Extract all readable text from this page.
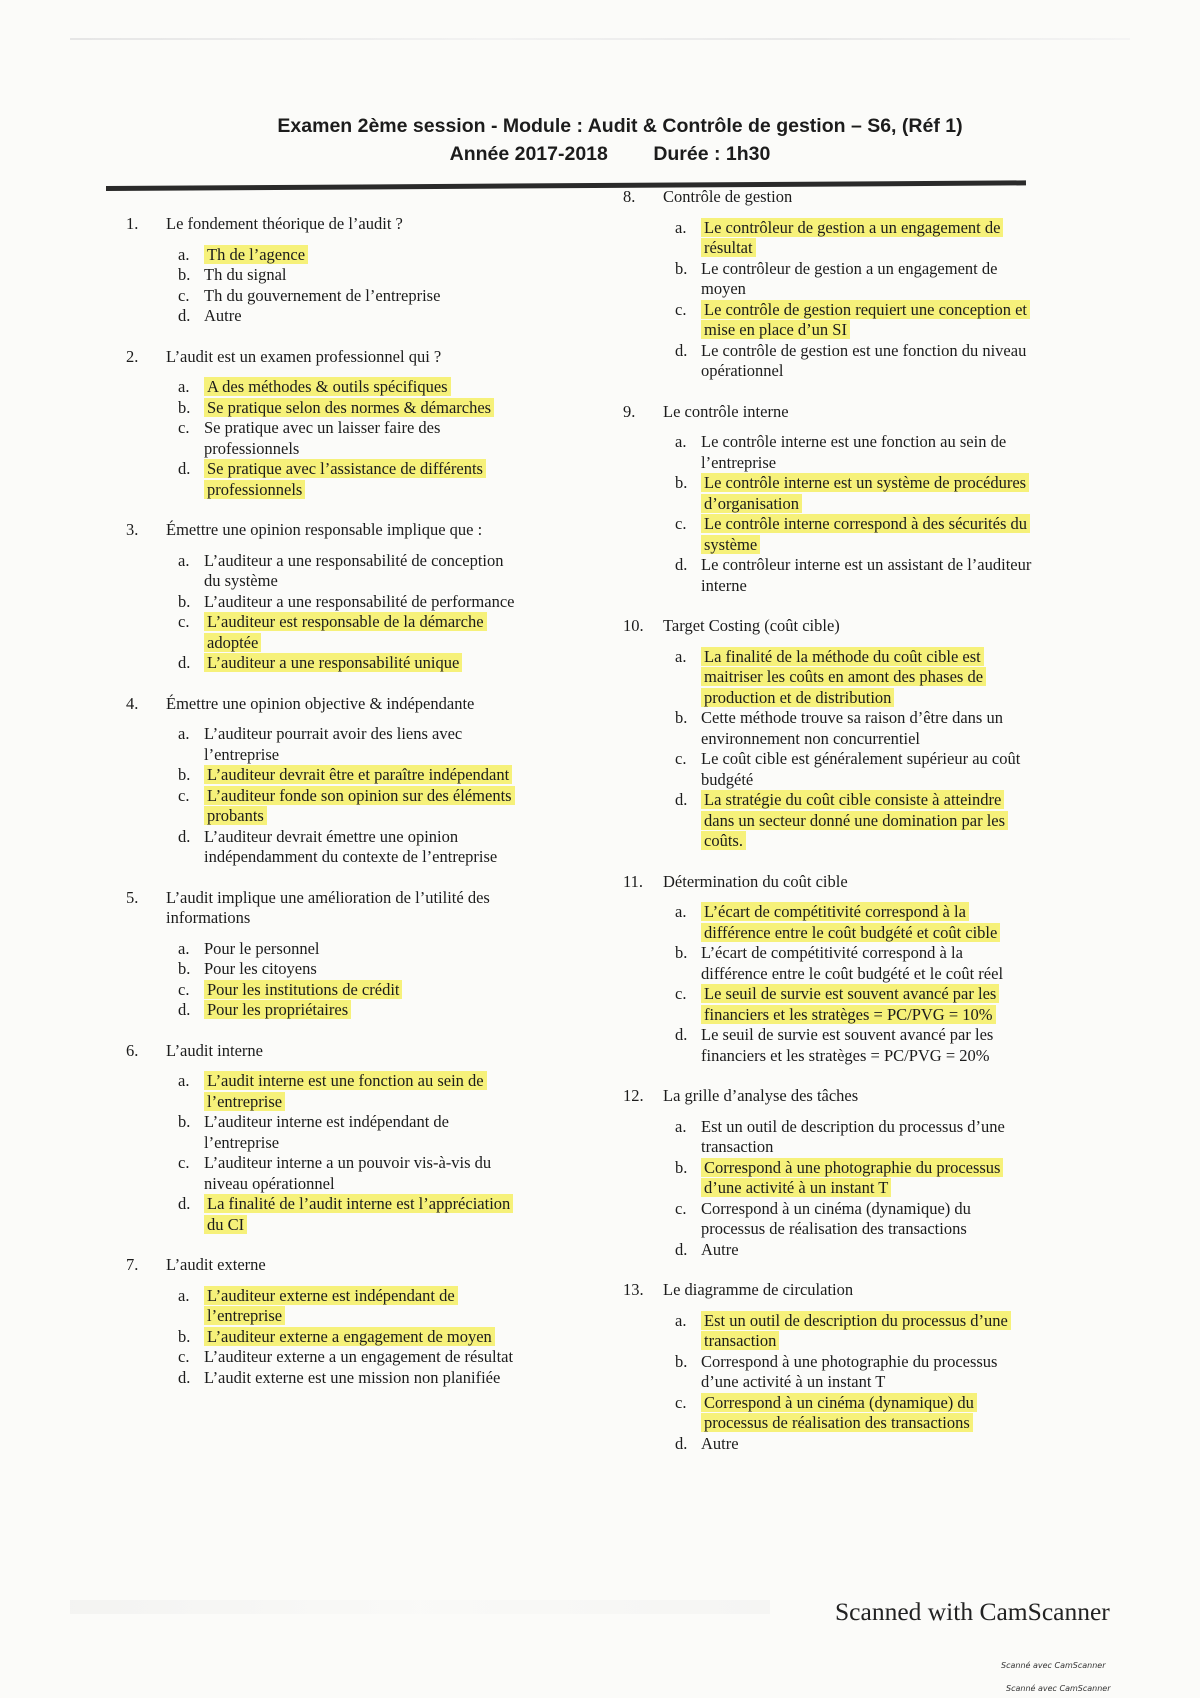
Examen 2ème session - Module : Audit & Contrôle de gestion – S6, (Réf 1)
Année 2017-2018 Durée : 1h30
1.	Le fondement théorique de l’audit ?
a.	Th de l’agence
b. Th du signal
c. Th du gouvernement de l’entreprise
d. Autre
2.	L’audit est un examen professionnel qui ?
a.	A des méthodes & outils spécifiques
b.	Se pratique selon des normes & démarches
c. Se pratique avec un laisser faire des professionnels
d.	Se pratique avec l’assistance de différents professionnels
3.	Émettre une opinion responsable implique que :
a. L’auditeur a une responsabilité de conception du système
b. L’auditeur a une responsabilité de performance
c.	L’auditeur est responsable de la démarche adoptée
d.	L’auditeur a une responsabilité unique
4.	Émettre une opinion objective & indépendante
a. L’auditeur pourrait avoir des liens avec l’entreprise
b.	L’auditeur devrait être et paraître indépendant
c.	L’auditeur fonde son opinion sur des éléments probants
d. L’auditeur devrait émettre une opinion indépendamment du contexte de l’entreprise
5.	L’audit implique une amélioration de l’utilité des informations
a. Pour le personnel
b. Pour les citoyens
c.	Pour les institutions de crédit
d.	Pour les propriétaires
6.	L’audit interne
a.	L’audit interne est une fonction au sein de l’entreprise
b. L’auditeur interne est indépendant de l’entreprise
c. L’auditeur interne a un pouvoir vis-à-vis du niveau opérationnel
d.	La finalité de l’audit interne est l’appréciation du CI
7.	L’audit externe
a.	L’auditeur externe est indépendant de l’entreprise
b.	L’auditeur externe a engagement de moyen
c. L’auditeur externe a un engagement de résultat
d. L’audit externe est une mission non planifiée
8.	Contrôle de gestion
a.	Le contrôleur de gestion a un engagement de résultat
b. Le contrôleur de gestion a un engagement de moyen
c.	Le contrôle de gestion requiert une conception et mise en place d’un SI
d. Le contrôle de gestion est une fonction du niveau opérationnel
9.	Le contrôle interne
a. Le contrôle interne est une fonction au sein de l’entreprise
b.	Le contrôle interne est un système de procédures d’organisation
c.	Le contrôle interne correspond à des sécurités du système
d. Le contrôleur interne est un assistant de l’auditeur interne
10.	Target Costing (coût cible)
a.	La finalité de la méthode du coût cible est maitriser les coûts en amont des phases de production et de distribution
b. Cette méthode trouve sa raison d’être dans un environnement non concurrentiel
c. Le coût cible est généralement supérieur au coût budgété
d.	La stratégie du coût cible consiste à atteindre dans un secteur donné une domination par les coûts.
11.	Détermination du coût cible
a.	L’écart de compétitivité correspond à la différence entre le coût budgété et coût cible
b. L’écart de compétitivité correspond à la différence entre le coût budgété et le coût réel
c.	Le seuil de survie est souvent avancé par les financiers et les stratèges = PC/PVG = 10%
d. Le seuil de survie est souvent avancé par les financiers et les stratèges = PC/PVG = 20%
12.	La grille d’analyse des tâches
a. Est un outil de description du processus d’une transaction
b.	Correspond à une photographie du processus d’une activité à un instant T
c. Correspond à un cinéma (dynamique) du processus de réalisation des transactions
d. Autre
13.	Le diagramme de circulation
a.	Est un outil de description du processus d’une transaction
b. Correspond à une photographie du processus d’une activité à un instant T
c.	Correspond à un cinéma (dynamique) du processus de réalisation des transactions
d. Autre
Scanned with CamScanner
Scanné avec CamScanner
Scanné avec CamScanner
